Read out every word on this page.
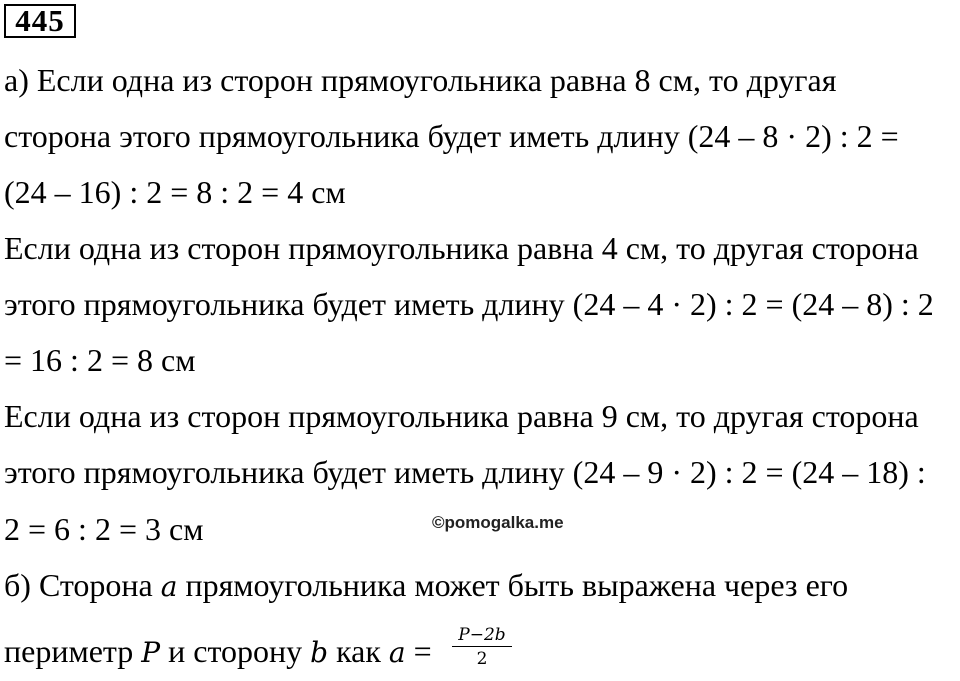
445
а) Если одна из сторон прямоугольника равна 8 см, то другая
сторона этого прямоугольника будет иметь длину (24 – 8 · 2) : 2 =
(24 – 16) : 2 = 8 : 2 = 4 см
Если одна из сторон прямоугольника равна 4 см, то другая сторона
этого прямоугольника будет иметь длину (24 – 4 · 2) : 2 = (24 – 8) : 2
= 16 : 2 = 8 см
Если одна из сторон прямоугольника равна 9 см, то другая сторона
этого прямоугольника будет иметь длину (24 – 9 · 2) : 2 = (24 – 18) :
2 = 6 : 2 = 3 см	©pomogalka.me
б) Сторона a прямоугольника может быть выражена через его
периметр P и сторону b как a =	P−2b
2
